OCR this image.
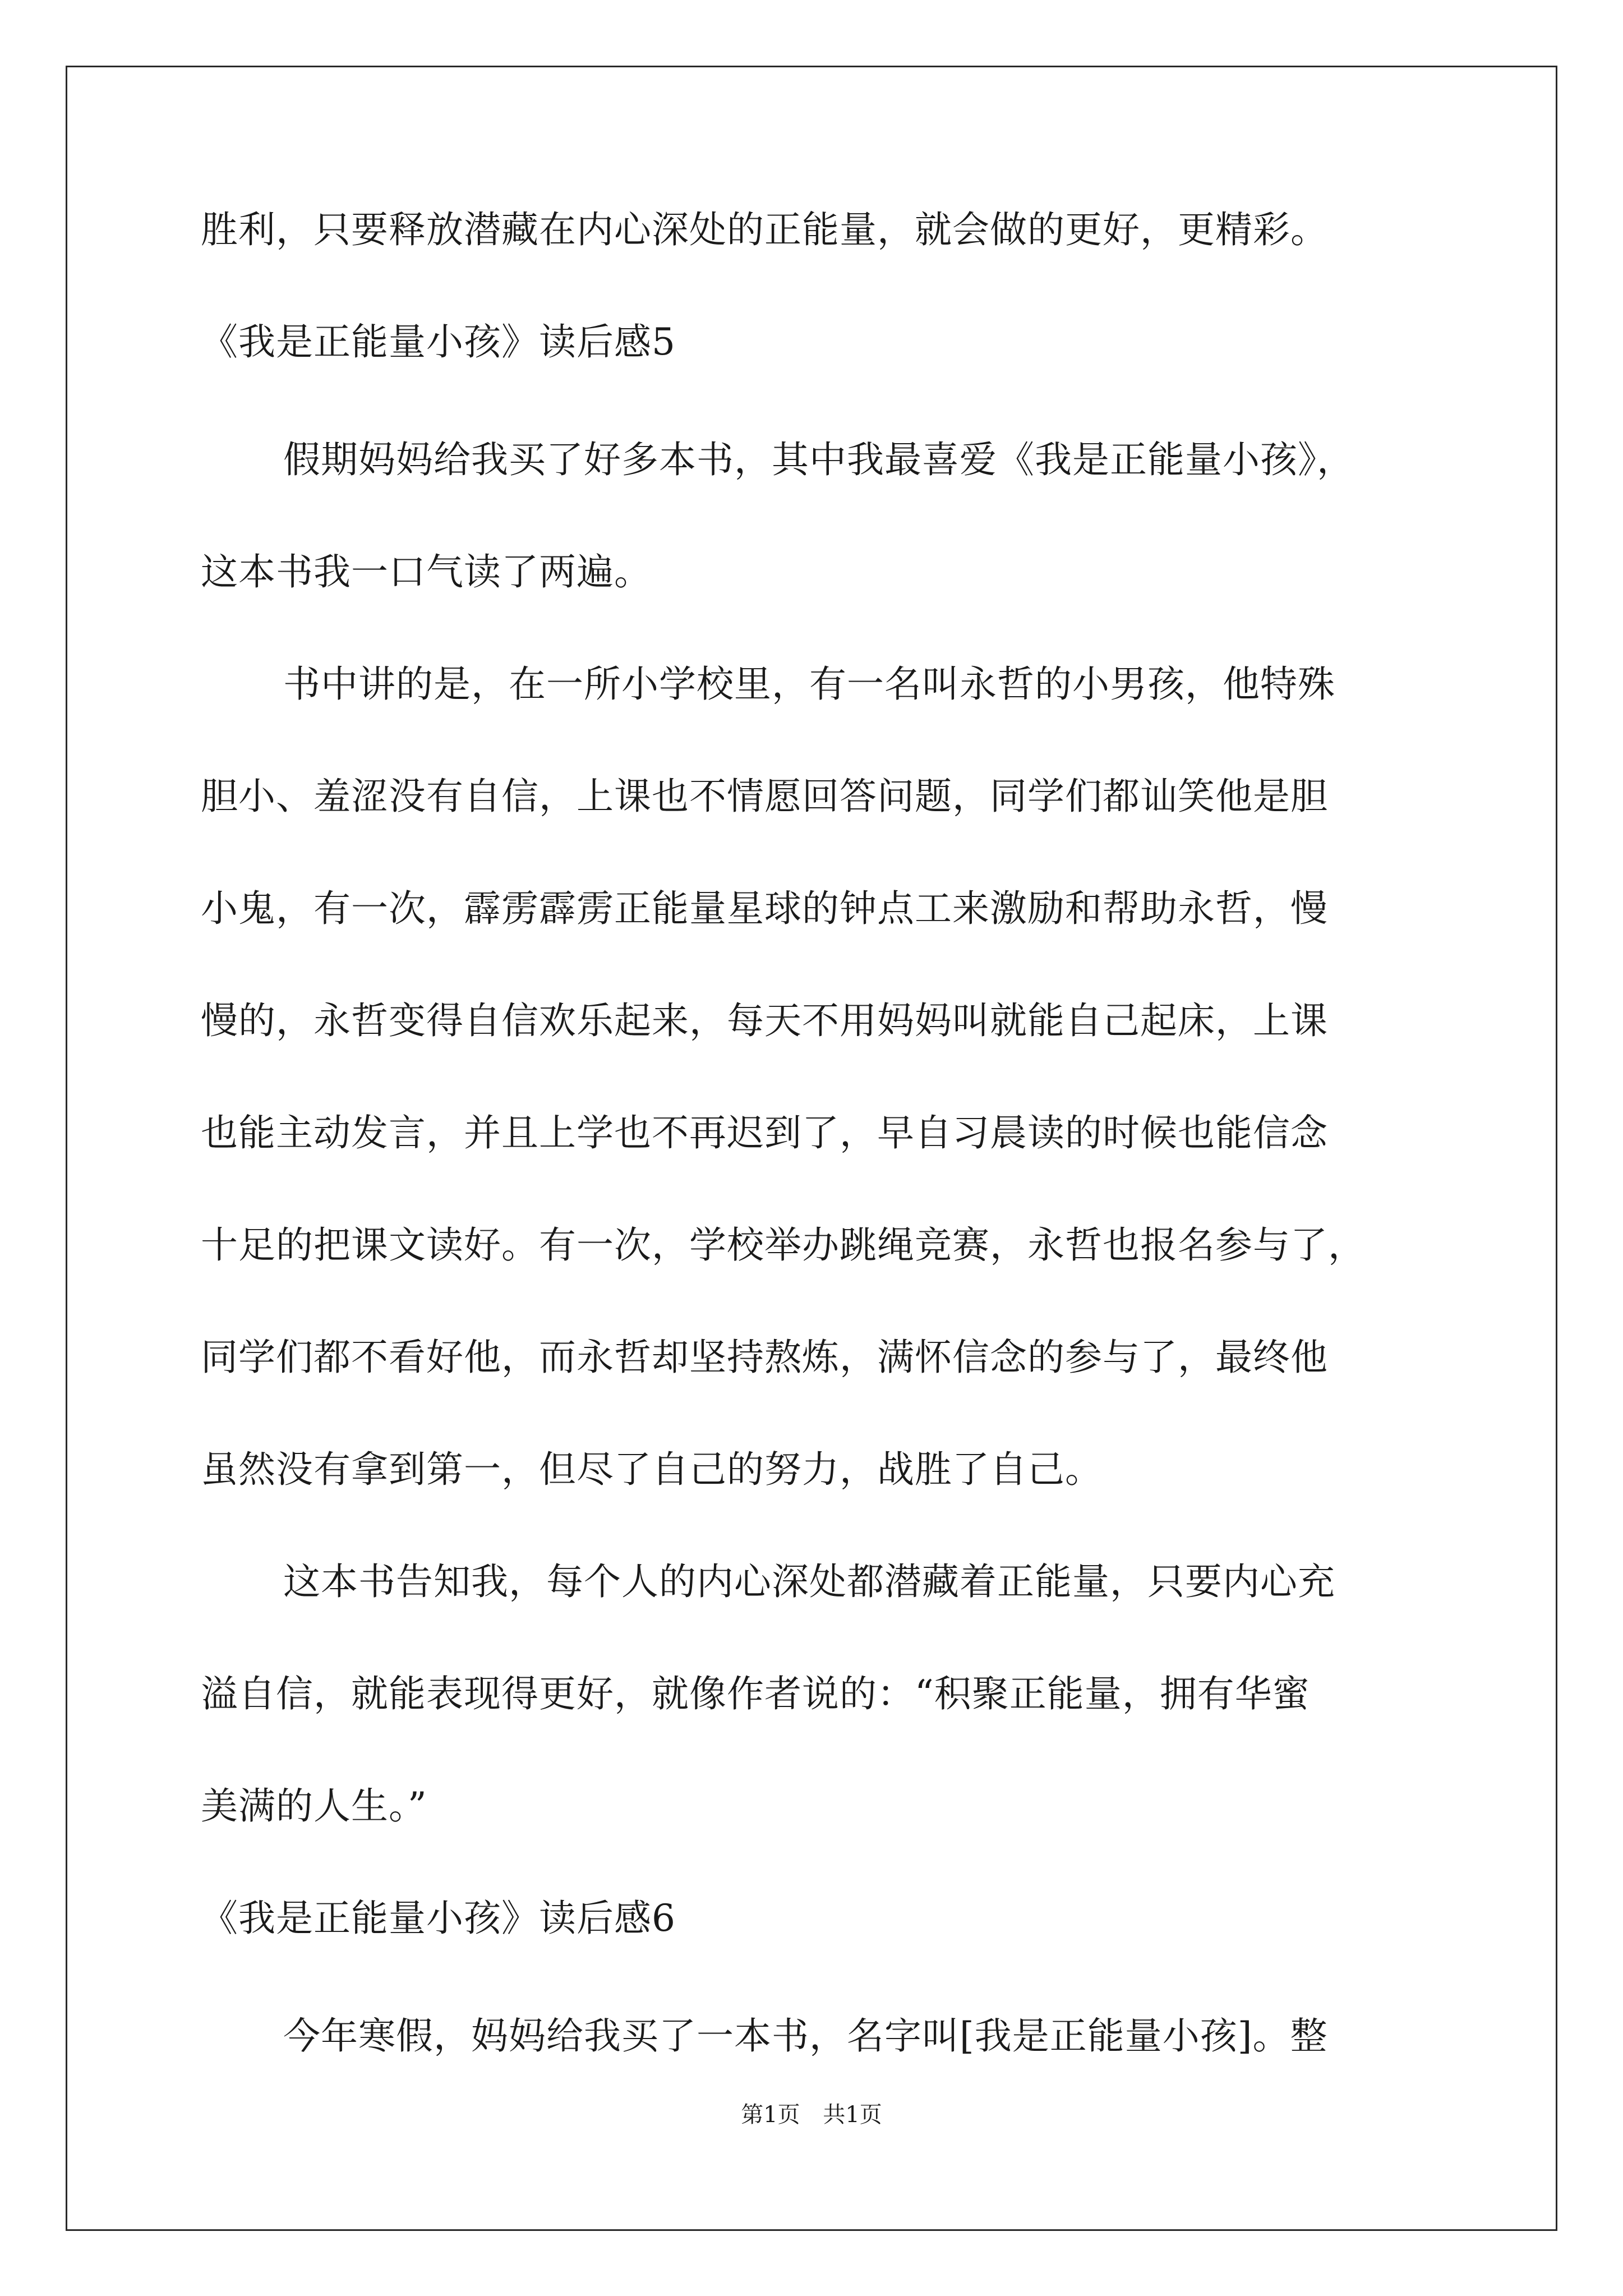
胜利，只要释放潜藏在内心深处的正能量，就会做的更好，更精彩。
《我是正能量小孩》读后感5
假期妈妈给我买了好多本书，其中我最喜爱《我是正能量小孩》，
这本书我一口气读了两遍。
书中讲的是，在一所小学校里，有一名叫永哲的小男孩，他特殊
胆小、羞涩没有自信，上课也不情愿回答问题，同学们都讪笑他是胆
小鬼，有一次，霹雳霹雳正能量星球的钟点工来激励和帮助永哲，慢
慢的，永哲变得自信欢乐起来，每天不用妈妈叫就能自己起床，上课
也能主动发言，并且上学也不再迟到了，早自习晨读的时候也能信念
十足的把课文读好。有一次，学校举办跳绳竞赛，永哲也报名参与了，
同学们都不看好他，而永哲却坚持熬炼，满怀信念的参与了，最终他
虽然没有拿到第一，但尽了自己的努力，战胜了自己。
这本书告知我，每个人的内心深处都潜藏着正能量，只要内心充
溢自信，就能表现得更好，就像作者说的：“积聚正能量，拥有华蜜
美满的人生。”
《我是正能量小孩》读后感6
今年寒假，妈妈给我买了一本书，名字叫[我是正能量小孩]。整
第1页 共1页
